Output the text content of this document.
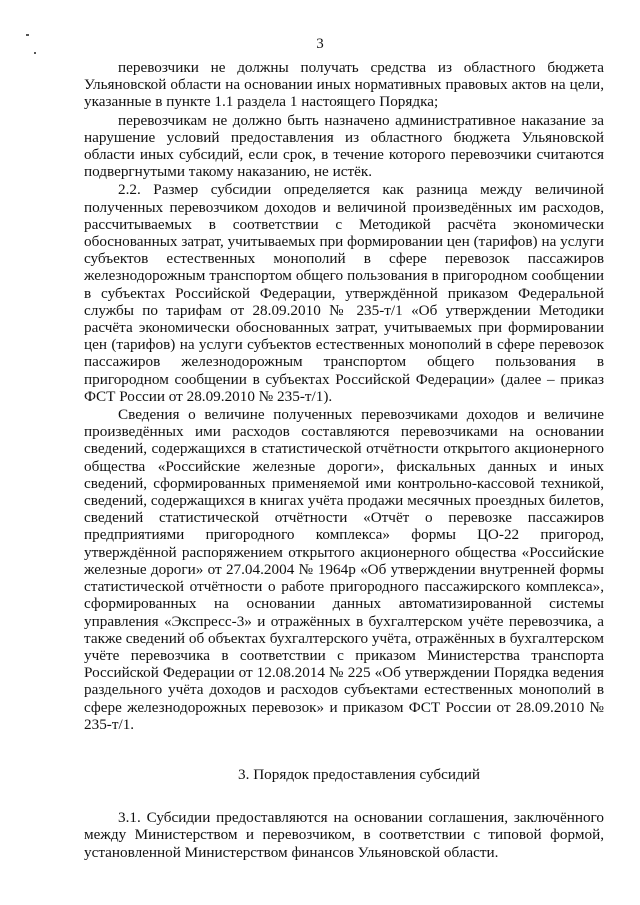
3

перевозчики не должны получать средства из областного бюджета Ульяновской области на основании иных нормативных правовых актов на цели, указанные в пункте 1.1 раздела 1 настоящего Порядка;

перевозчикам не должно быть назначено административное наказание за нарушение условий предоставления из областного бюджета Ульяновской области иных субсидий, если срок, в течение которого перевозчики считаются подвергнутыми такому наказанию, не истёк.

2.2. Размер субсидии определяется как разница между величиной полученных перевозчиком доходов и величиной произведённых им расходов, рассчитываемых в соответствии с Методикой расчёта экономически обоснованных затрат, учитываемых при формировании цен (тарифов) на услуги субъектов естественных монополий в сфере перевозок пассажиров железнодорожным транспортом общего пользования в пригородном сообщении в субъектах Российской Федерации, утверждённой приказом Федеральной службы по тарифам от 28.09.2010 № 235-т/1 «Об утверждении Методики расчёта экономически обоснованных затрат, учитываемых при формировании цен (тарифов) на услуги субъектов естественных монополий в сфере перевозок пассажиров железнодорожным транспортом общего пользования в пригородном сообщении в субъектах Российской Федерации» (далее – приказ ФСТ России от 28.09.2010 № 235-т/1).

Сведения о величине полученных перевозчиками доходов и величине произведённых ими расходов составляются перевозчиками на основании сведений, содержащихся в статистической отчётности открытого акционерного общества «Российские железные дороги», фискальных данных и иных сведений, сформированных применяемой ими контрольно-кассовой техникой, сведений, содержащихся в книгах учёта продажи месячных проездных билетов, сведений статистической отчётности «Отчёт о перевозке пассажиров предприятиями пригородного комплекса» формы ЦО-22 пригород, утверждённой распоряжением открытого акционерного общества «Российские железные дороги» от 27.04.2004 № 1964р «Об утверждении внутренней формы статистической отчётности о работе пригородного пассажирского комплекса», сформированных на основании данных автоматизированной системы управления «Экспресс-3» и отражённых в бухгалтерском учёте перевозчика, а также сведений об объектах бухгалтерского учёта, отражённых в бухгалтерском учёте перевозчика в соответствии с приказом Министерства транспорта Российской Федерации от 12.08.2014 № 225 «Об утверждении Порядка ведения раздельного учёта доходов и расходов субъектами естественных монополий в сфере железнодорожных перевозок» и приказом ФСТ России от 28.09.2010 № 235-т/1.

3. Порядок предоставления субсидий

3.1. Субсидии предоставляются на основании соглашения, заключённого между Министерством и перевозчиком, в соответствии с типовой формой, установленной Министерством финансов Ульяновской области.
